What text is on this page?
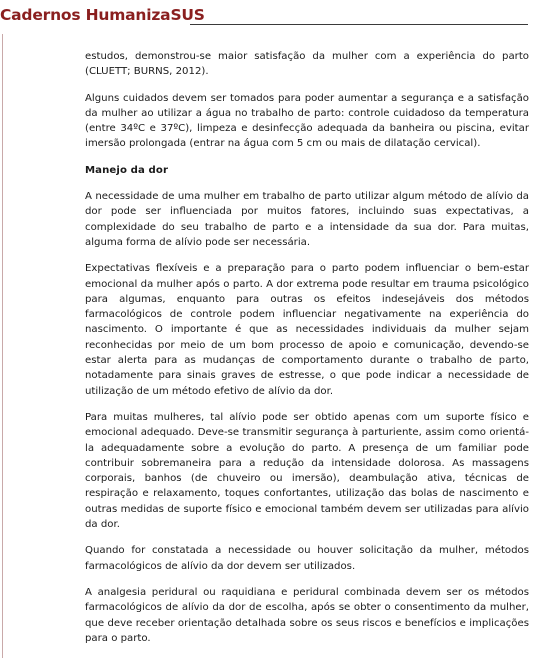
Cadernos HumanizaSUS

estudos, demonstrou-se maior satisfação da mulher com a experiência do parto (CLUETT; BURNS, 2012).

Alguns cuidados devem ser tomados para poder aumentar a segurança e a satisfação da mulher ao utilizar a água no trabalho de parto: controle cuidadoso da temperatura (entre 34ºC e 37ºC), limpeza e desinfecção adequada da banheira ou piscina, evitar imersão prolongada (entrar na água com 5 cm ou mais de dilatação cervical).

Manejo da dor

A necessidade de uma mulher em trabalho de parto utilizar algum método de alívio da dor pode ser influenciada por muitos fatores, incluindo suas expectativas, a complexidade do seu trabalho de parto e a intensidade da sua dor. Para muitas, alguma forma de alívio pode ser necessária.

Expectativas flexíveis e a preparação para o parto podem influenciar o bem-estar emocional da mulher após o parto. A dor extrema pode resultar em trauma psicológico para algumas, enquanto para outras os efeitos indesejáveis dos métodos farmacológicos de controle podem influenciar negativamente na experiência do nascimento. O importante é que as necessidades individuais da mulher sejam reconhecidas por meio de um bom processo de apoio e comunicação, devendo-se estar alerta para as mudanças de comportamento durante o trabalho de parto, notadamente para sinais graves de estresse, o que pode indicar a necessidade de utilização de um método efetivo de alívio da dor.

Para muitas mulheres, tal alívio pode ser obtido apenas com um suporte físico e emocional adequado. Deve-se transmitir segurança à parturiente, assim como orientá-la adequadamente sobre a evolução do parto. A presença de um familiar pode contribuir sobremaneira para a redução da intensidade dolorosa. As massagens corporais, banhos (de chuveiro ou imersão), deambulação ativa, técnicas de respiração e relaxamento, toques confortantes, utilização das bolas de nascimento e outras medidas de suporte físico e emocional também devem ser utilizadas para alívio da dor.

Quando for constatada a necessidade ou houver solicitação da mulher, métodos farmacológicos de alívio da dor devem ser utilizados.

A analgesia peridural ou raquidiana e peridural combinada devem ser os métodos farmacológicos de alívio da dor de escolha, após se obter o consentimento da mulher, que deve receber orientação detalhada sobre os seus riscos e benefícios e implicações para o parto.
